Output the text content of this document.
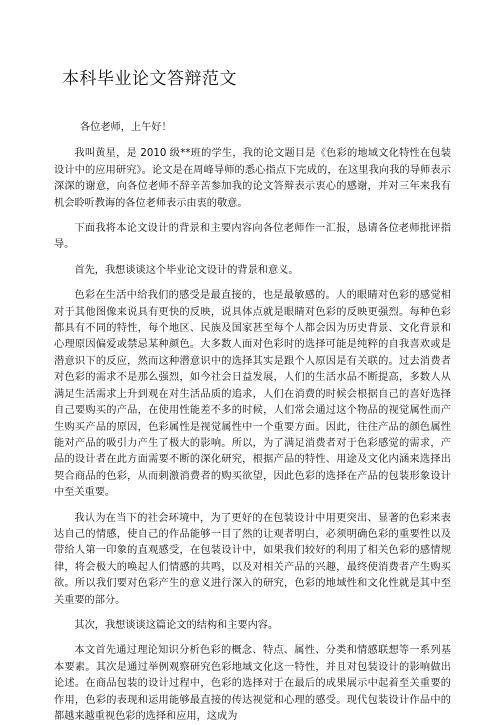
本科毕业论文答辩范文

各位老师，上午好！

我叫黄星，是 2010 级**班的学生，我的论文题目是《色彩的地域文化特性在包装设计中的应用研究》。论文是在周峰导师的悉心指点下完成的，在这里我向我的导师表示深深的谢意，向各位老师不辞辛苦参加我的论文答辩表示衷心的感谢，并对三年来我有机会聆听教诲的各位老师表示由衷的敬意。

下面我将本论文设计的背景和主要内容向各位老师作一汇报，恳请各位老师批评指导。

首先，我想谈谈这个毕业论文设计的背景和意义。

色彩在生活中给我们的感受是最直接的，也是最敏感的。人的眼睛对色彩的感觉相对于其他图像来说具有更快的反映，说具体点就是眼睛对色彩的反映更强烈。每种色彩都具有不同的特性，每个地区、民族及国家甚至每个人都会因为历史背景、文化背景和心理原因偏爱或禁忌某种颜色。大多数人面对色彩时的选择可能是纯粹的自我喜欢或是潜意识下的反应，然而这种潜意识中的选择其实是跟个人原因是有关联的。过去消费者对色彩的需求不是那么强烈，如今社会日益发展，人们的生活水品不断提高，多数人从满足生活需求上升到观在对生活品质的追求，人们在消费的时候会根据自己的喜好选择自己要购买的产品，在使用性能差不多的时候，人们常会通过这个物品的视觉属性而产生购买产品的原因，色彩属性是视觉属性中一个重要方面。因此，往往产品的颜色属性能对产品的吸引力产生了极大的影响。所以，为了满足消费者对于色彩感觉的需求，产品的设计者在此方面需要不断的深化研究，根据产品的特性、用途及文化内涵来选择出契合商品的色彩，从而刺激消费者的购买欲望，因此色彩的选择在产品的包装形象设计中至关重要。

我认为在当下的社会环境中，为了更好的在包装设计中用更突出、显著的色彩来表达自己的情感，使自己的作品能够一目了然的让观者明白，必须明确色彩的重要性以及带给人第一印象的直观感受，在包装设计中，如果我们较好的利用了相关色彩的感情规律，将会极大的唤起人们情感的共鸣，以及对相关产品的兴趣，最终使消费者产生购买欲。所以我们要对色彩产生的意义进行深入的研究，色彩的地域性和文化性就是其中至关重要的部分。

其次，我想谈谈这篇论文的结构和主要内容。

本文首先通过理论知识分析色彩的概念、特点、属性、分类和情感联想等一系列基本要素。其次是通过举例观察研究色彩地域文化这一特性，并且对包装设计的影响做出论述。在商品包装的设计过程中，色彩的选择对于在最后的成果展示中起着至关重要的作用，色彩的表现和运用能够最直接的传达视觉和心理的感受。现代包装设计作品中的都越来越重视色彩的选择和应用，这成为
